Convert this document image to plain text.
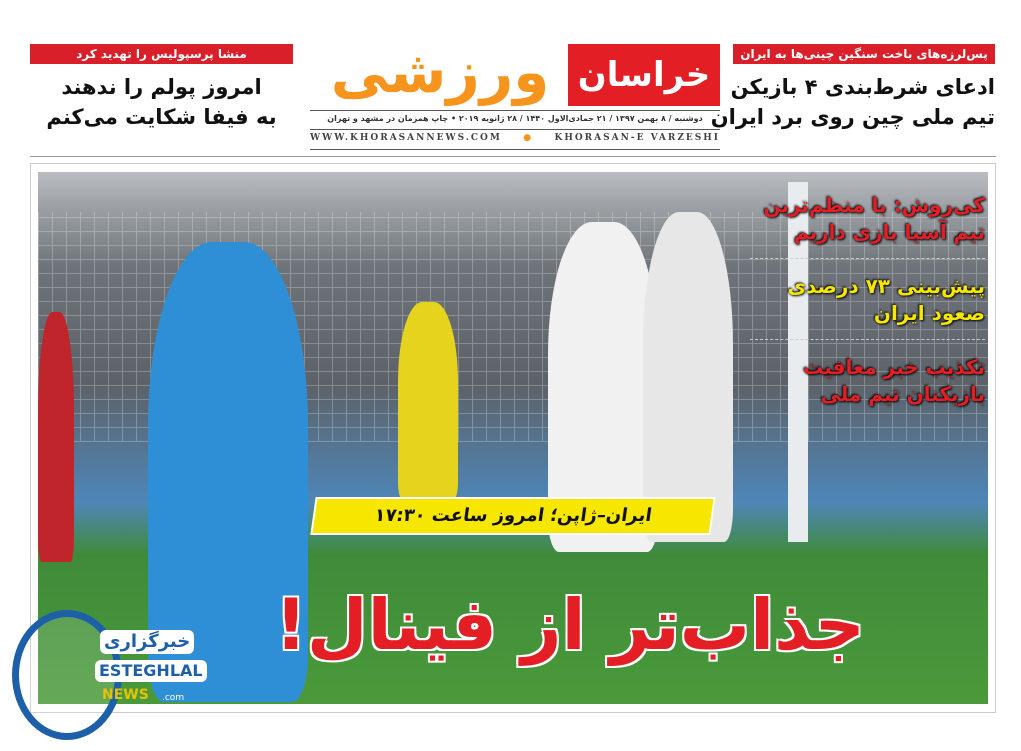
منشا پرسپولیس را تهدید کرد
امروز پولم را ندهند
به فیفا شکایت می‌کنم
ورزشی خراسان
دوشنبه / ۸ بهمن ۱۳۹۷ / ۲۱ جمادی‌الاول ۱۴۴۰ / ۲۸ ژانویه ۲۰۱۹ • چاپ همزمان در مشهد و تهران
WWW.KHORASANNEWS.COM ● KHORASAN-E VARZESHI
پس‌لرزه‌های باخت سنگین چینی‌ها به ایران
ادعای شرط‌بندی ۴ بازیکن
تیم ملی چین روی برد ایران
کی‌روش: با منظم‌ترین
تیم آسیا بازی داریم
پیش‌بینی ۷۳ درصدی
صعود ایران
تکذیب خبر معافیت
بازیکنان تیم ملی
ایران–ژاپن؛ امروز ساعت ۱۷:۳۰
جذاب‌تر از فینال!
خبرگزاری
ESTEGHLAL
NEWS .com
